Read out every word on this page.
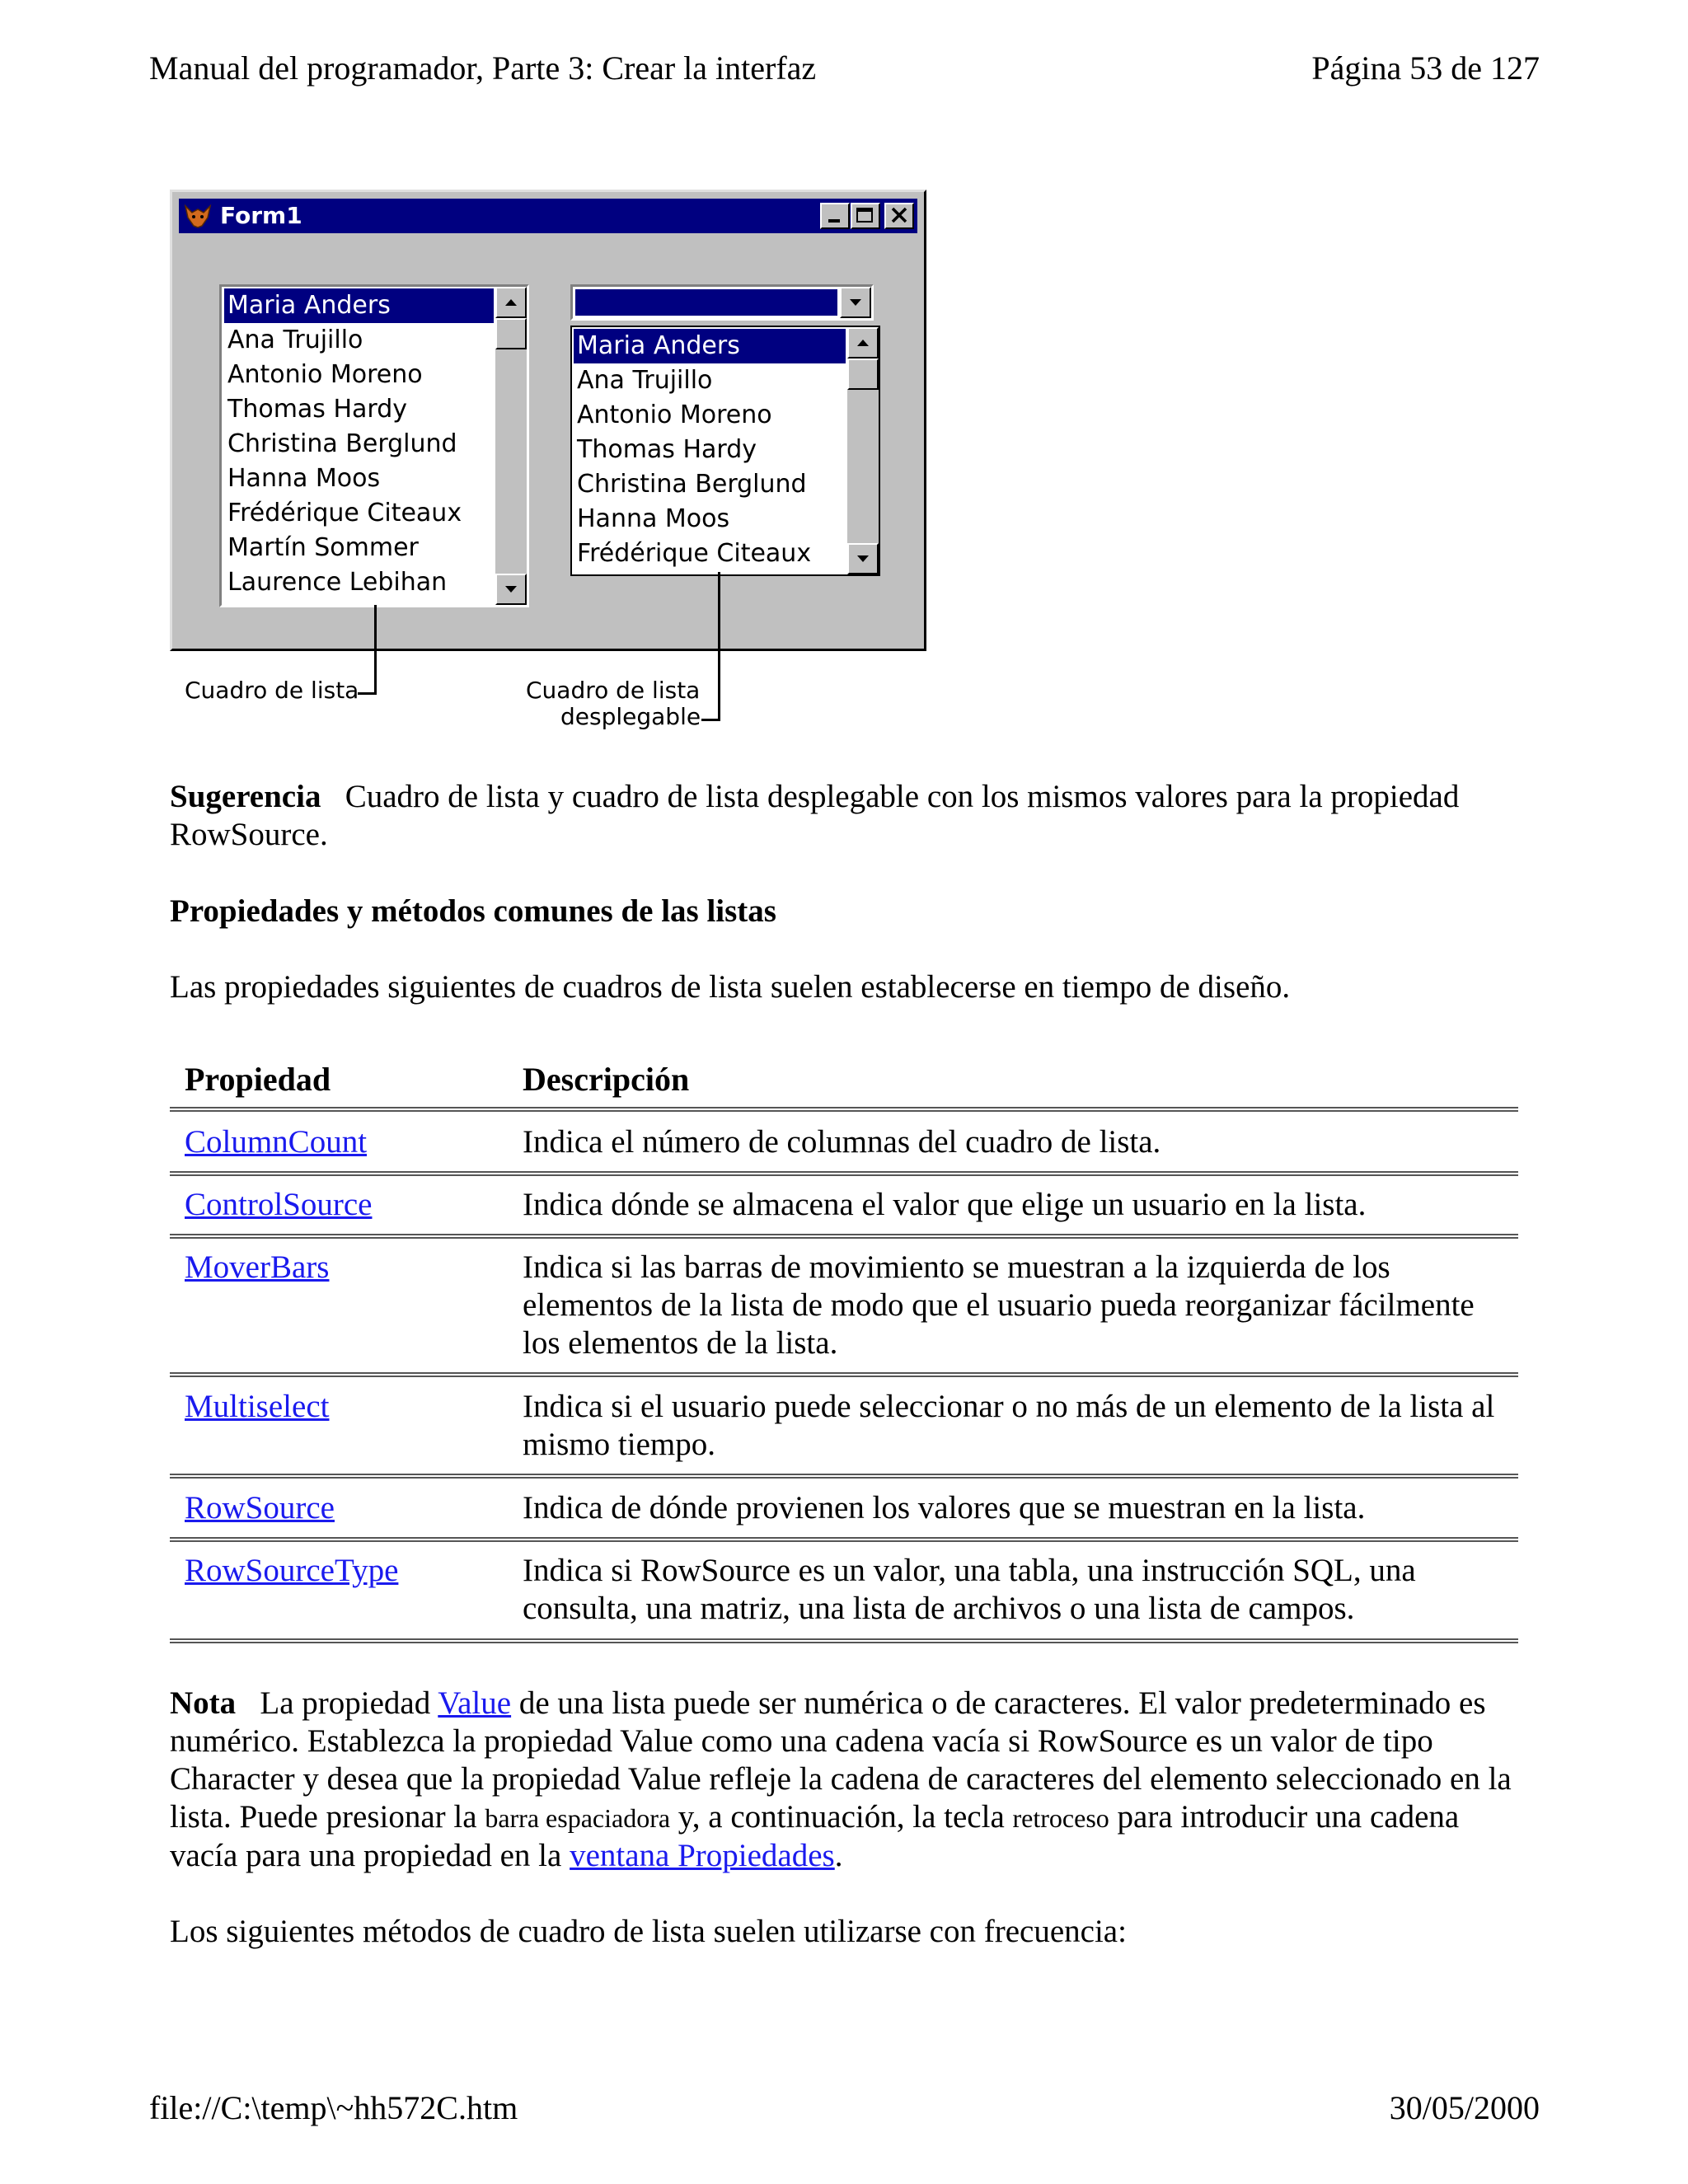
Manual del programador, Parte 3: Crear la interfaz	Página 53 de 127
Form1
Maria Anders
Ana Trujillo
Antonio Moreno
Thomas Hardy
Christina Berglund
Hanna Moos
Frédérique Citeaux
Martín Sommer
Laurence Lebihan
Maria Anders
Ana Trujillo
Antonio Moreno
Thomas Hardy
Christina Berglund
Hanna Moos
Frédérique Citeaux
Cuadro de lista	Cuadro de lista
desplegable
Sugerencia Cuadro de lista y cuadro de lista desplegable con los mismos valores para la propiedad RowSource.
Propiedades y métodos comunes de las listas
Las propiedades siguientes de cuadros de lista suelen establecerse en tiempo de diseño.
Propiedad	Descripción
ColumnCount	Indica el número de columnas del cuadro de lista.
ControlSource	Indica dónde se almacena el valor que elige un usuario en la lista.
MoverBars	Indica si las barras de movimiento se muestran a la izquierda de los elementos de la lista de modo que el usuario pueda reorganizar fácilmente los elementos de la lista.
Multiselect	Indica si el usuario puede seleccionar o no más de un elemento de la lista al mismo tiempo.
RowSource	Indica de dónde provienen los valores que se muestran en la lista.
RowSourceType	Indica si RowSource es un valor, una tabla, una instrucción SQL, una consulta, una matriz, una lista de archivos o una lista de campos.
Nota La propiedad Value de una lista puede ser numérica o de caracteres. El valor predeterminado es numérico. Establezca la propiedad Value como una cadena vacía si RowSource es un valor de tipo Character y desea que la propiedad Value refleje la cadena de caracteres del elemento seleccionado en la lista. Puede presionar la barra espaciadora y, a continuación, la tecla retroceso para introducir una cadena vacía para una propiedad en la ventana Propiedades.
Los siguientes métodos de cuadro de lista suelen utilizarse con frecuencia:
file://C:\temp\~hh572C.htm	30/05/2000
